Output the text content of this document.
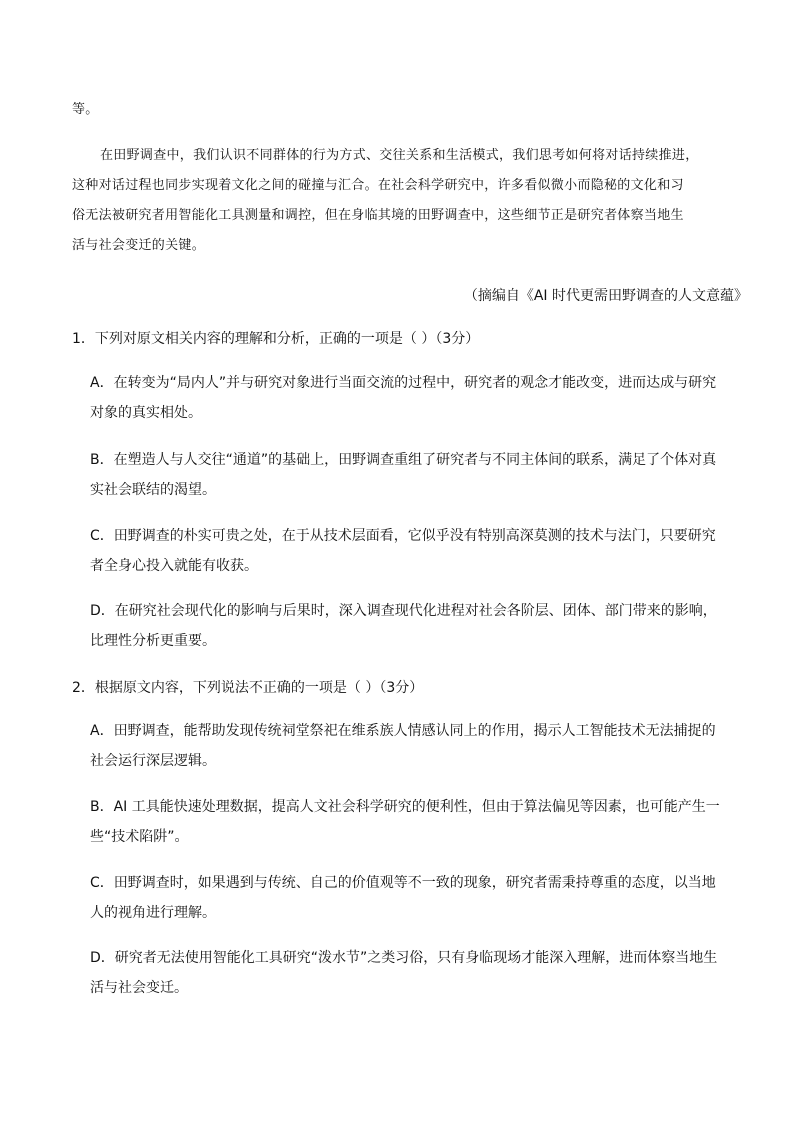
等。
在田野调查中，我们认识不同群体的行为方式、交往关系和生活模式，我们思考如何将对话持续推进，
这种对话过程也同步实现着文化之间的碰撞与汇合。在社会科学研究中，许多看似微小而隐秘的文化和习
俗无法被研究者用智能化工具测量和调控，但在身临其境的田野调查中，这些细节正是研究者体察当地生
活与社会变迁的关键。
（摘编自《AI 时代更需田野调查的人文意蕴》
1．下列对原文相关内容的理解和分析，正确的一项是（ ）（3分）
A．在转变为“局内人”并与研究对象进行当面交流的过程中，研究者的观念才能改变，进而达成与研究
对象的真实相处。
B．在塑造人与人交往“通道”的基础上，田野调查重组了研究者与不同主体间的联系，满足了个体对真
实社会联结的渴望。
C．田野调查的朴实可贵之处，在于从技术层面看，它似乎没有特别高深莫测的技术与法门，只要研究
者全身心投入就能有收获。
D．在研究社会现代化的影响与后果时，深入调查现代化进程对社会各阶层、团体、部门带来的影响，
比理性分析更重要。
2．根据原文内容，下列说法不正确的一项是（ ）（3分）
A．田野调查，能帮助发现传统祠堂祭祀在维系族人情感认同上的作用，揭示人工智能技术无法捕捉的
社会运行深层逻辑。
B．AI 工具能快速处理数据，提高人文社会科学研究的便利性，但由于算法偏见等因素，也可能产生一
些“技术陷阱”。
C．田野调查时，如果遇到与传统、自己的价值观等不一致的现象，研究者需秉持尊重的态度，以当地
人的视角进行理解。
D．研究者无法使用智能化工具研究“泼水节”之类习俗，只有身临现场才能深入理解，进而体察当地生
活与社会变迁。
